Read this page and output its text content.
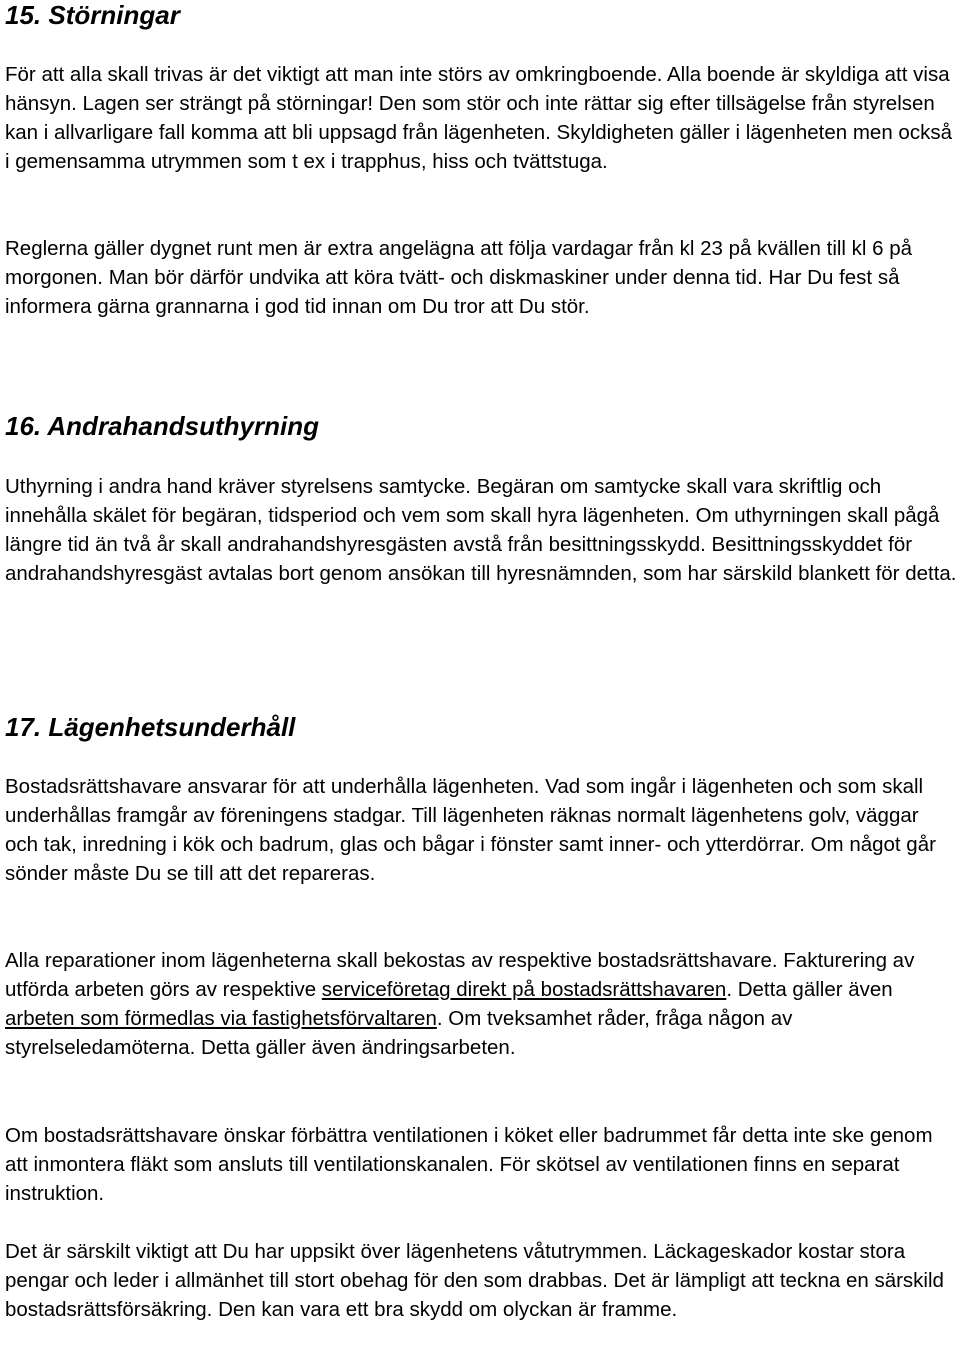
15. Störningar

För att alla skall trivas är det viktigt att man inte störs av omkringboende. Alla boende är skyldiga att visa hänsyn. Lagen ser strängt på störningar! Den som stör och inte rättar sig efter tillsägelse från styrelsen kan i allvarligare fall komma att bli uppsagd från lägenheten. Skyldigheten gäller i lägenheten men också i gemensamma utrymmen som t ex i trapphus, hiss och tvättstuga.

Reglerna gäller dygnet runt men är extra angelägna att följa vardagar från kl 23 på kvällen till kl 6 på morgonen. Man bör därför undvika att köra tvätt- och diskmaskiner under denna tid. Har Du fest så informera gärna grannarna i god tid innan om Du tror att Du stör.

16. Andrahandsuthyrning

Uthyrning i andra hand kräver styrelsens samtycke. Begäran om samtycke skall vara skriftlig och innehålla skälet för begäran, tidsperiod och vem som skall hyra lägenheten. Om uthyrningen skall pågå längre tid än två år skall andrahandshyresgästen avstå från besittningsskydd. Besittningsskyddet för andrahandshyresgäst avtalas bort genom ansökan till hyresnämnden, som har särskild blankett för detta.

17. Lägenhetsunderhåll

Bostadsrättshavare ansvarar för att underhålla lägenheten. Vad som ingår i lägenheten och som skall underhållas framgår av föreningens stadgar. Till lägenheten räknas normalt lägenhetens golv, väggar och tak, inredning i kök och badrum, glas och bågar i fönster samt inner- och ytterdörrar. Om något går sönder måste Du se till att det repareras.

Alla reparationer inom lägenheterna skall bekostas av respektive bostadsrättshavare. Fakturering av utförda arbeten görs av respektive serviceföretag direkt på bostadsrättshavaren. Detta gäller även arbeten som förmedlas via fastighetsförvaltaren. Om tveksamhet råder, fråga någon av styrelseledamöterna. Detta gäller även ändringsarbeten.

Om bostadsrättshavare önskar förbättra ventilationen i köket eller badrummet får detta inte ske genom att inmontera fläkt som ansluts till ventilationskanalen. För skötsel av ventilationen finns en separat instruktion.

Det är särskilt viktigt att Du har uppsikt över lägenhetens våtutrymmen. Läckageskador kostar stora pengar och leder i allmänhet till stort obehag för den som drabbas. Det är lämpligt att teckna en särskild bostadsrättsförsäkring. Den kan vara ett bra skydd om olyckan är framme.
